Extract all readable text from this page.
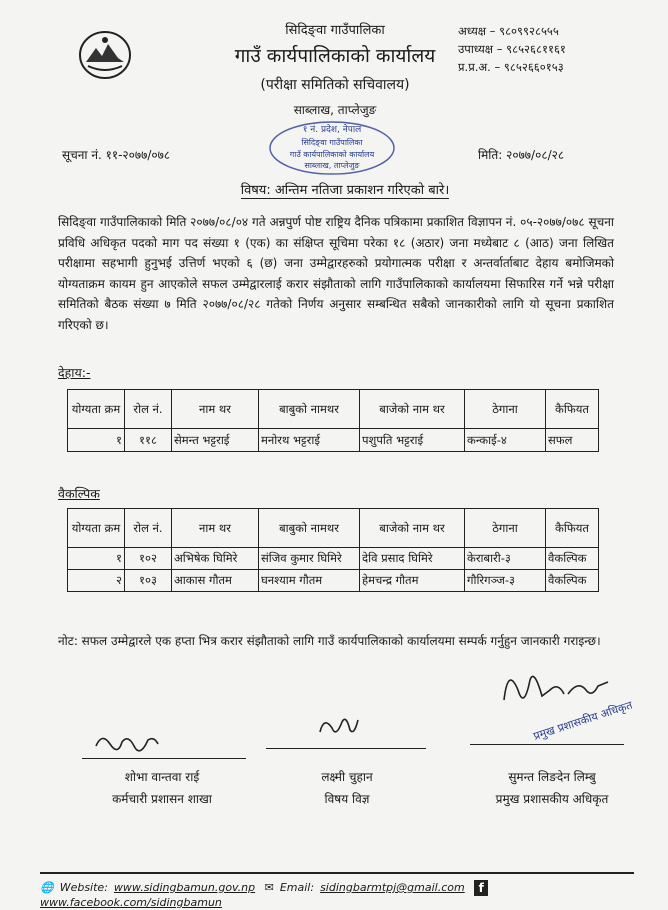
सिदिङ्वा गाउँपालिका
गाउँ कार्यपालिकाको कार्यालय
(परीक्षा समितिको सचिवालय)
साब्लाख, ताप्लेजुङ
अध्यक्ष – ९८०९९२८५५५
उपाध्यक्ष – ९८५२६८११६१
प्र.प्र.अ. – ९८५२६६०१५३
१ नं. प्रदेश, नेपाल
सिदिङ्वा गाउँपालिका
गाउँ कार्यपालिकाको कार्यालय
साब्लाख, ताप्लेजुङ
सूचना नं. ११-२०७७/०७८	मिति: २०७७/०८/२८
विषय: अन्तिम नतिजा प्रकाशन गरिएको बारे।
सिदिङ्वा गाउँपालिकाको मिति २०७७/०८/०४ गते अन्नपुर्ण पोष्ट राष्ट्रिय दैनिक पत्रिकामा प्रकाशित विज्ञापन नं. ०५-२०७७/०७८ सूचना प्रविधि अधिकृत पदको माग पद संख्या १ (एक) का संक्षिप्त सूचिमा परेका १८ (अठार) जना मध्येबाट ८ (आठ) जना लिखित परीक्षामा सहभागी हुनुभई उत्तिर्ण भएको ६ (छ) जना उम्मेद्वारहरुको प्रयोगात्मक परीक्षा र अन्तर्वार्ताबाट देहाय बमोजिमको योग्यताक्रम कायम हुन आएकोले सफल उम्मेद्वारलाई करार संझौताको लागि गाउँपालिकाको कार्यालयमा सिफारिस गर्ने भन्ने परीक्षा समितिको बैठक संख्या ७ मिति २०७७/०८/२८ गतेको निर्णय अनुसार सम्बन्धित सबैको जानकारीको लागि यो सूचना प्रकाशित गरिएको छ।
देहाय:-
योग्यता क्रम	रोल नं.	नाम थर	बाबुको नामथर	बाजेको नाम थर	ठेगाना	कैफियत
१	११८	सेमन्त भट्टराई	मनोरथ भट्टराई	पशुपति भट्टराई	कन्काई-४	सफल
वैकल्पिक
योग्यता क्रम	रोल नं.	नाम थर	बाबुको नामथर	बाजेको नाम थर	ठेगाना	कैफियत
१	१०२	अभिषेक घिमिरे	संजिव कुमार घिमिरे	देवि प्रसाद घिमिरे	केराबारी-३	वैकल्पिक
२	१०३	आकास गौतम	घनश्याम गौतम	हेमचन्द्र गौतम	गौरिगञ्ज-३	वैकल्पिक
नोट: सफल उम्मेद्वारले एक हप्ता भित्र करार संझौताको लागि गाउँ कार्यपालिकाको कार्यालयमा सम्पर्क गर्नुहुन जानकारी गराइन्छ।
प्रमुख प्रशासकीय अधिकृत
शोभा वान्तवा राई
कर्मचारी प्रशासन शाखा
लक्ष्मी चुहान
विषय विज्ञ
सुमन्त लिङदेन लिम्बु
प्रमुख प्रशासकीय अधिकृत
🌐 Website: www.sidingbamun.gov.np ✉ Email: sidingbarmtpj@gmail.com fwww.facebook.com/sidingbamun
